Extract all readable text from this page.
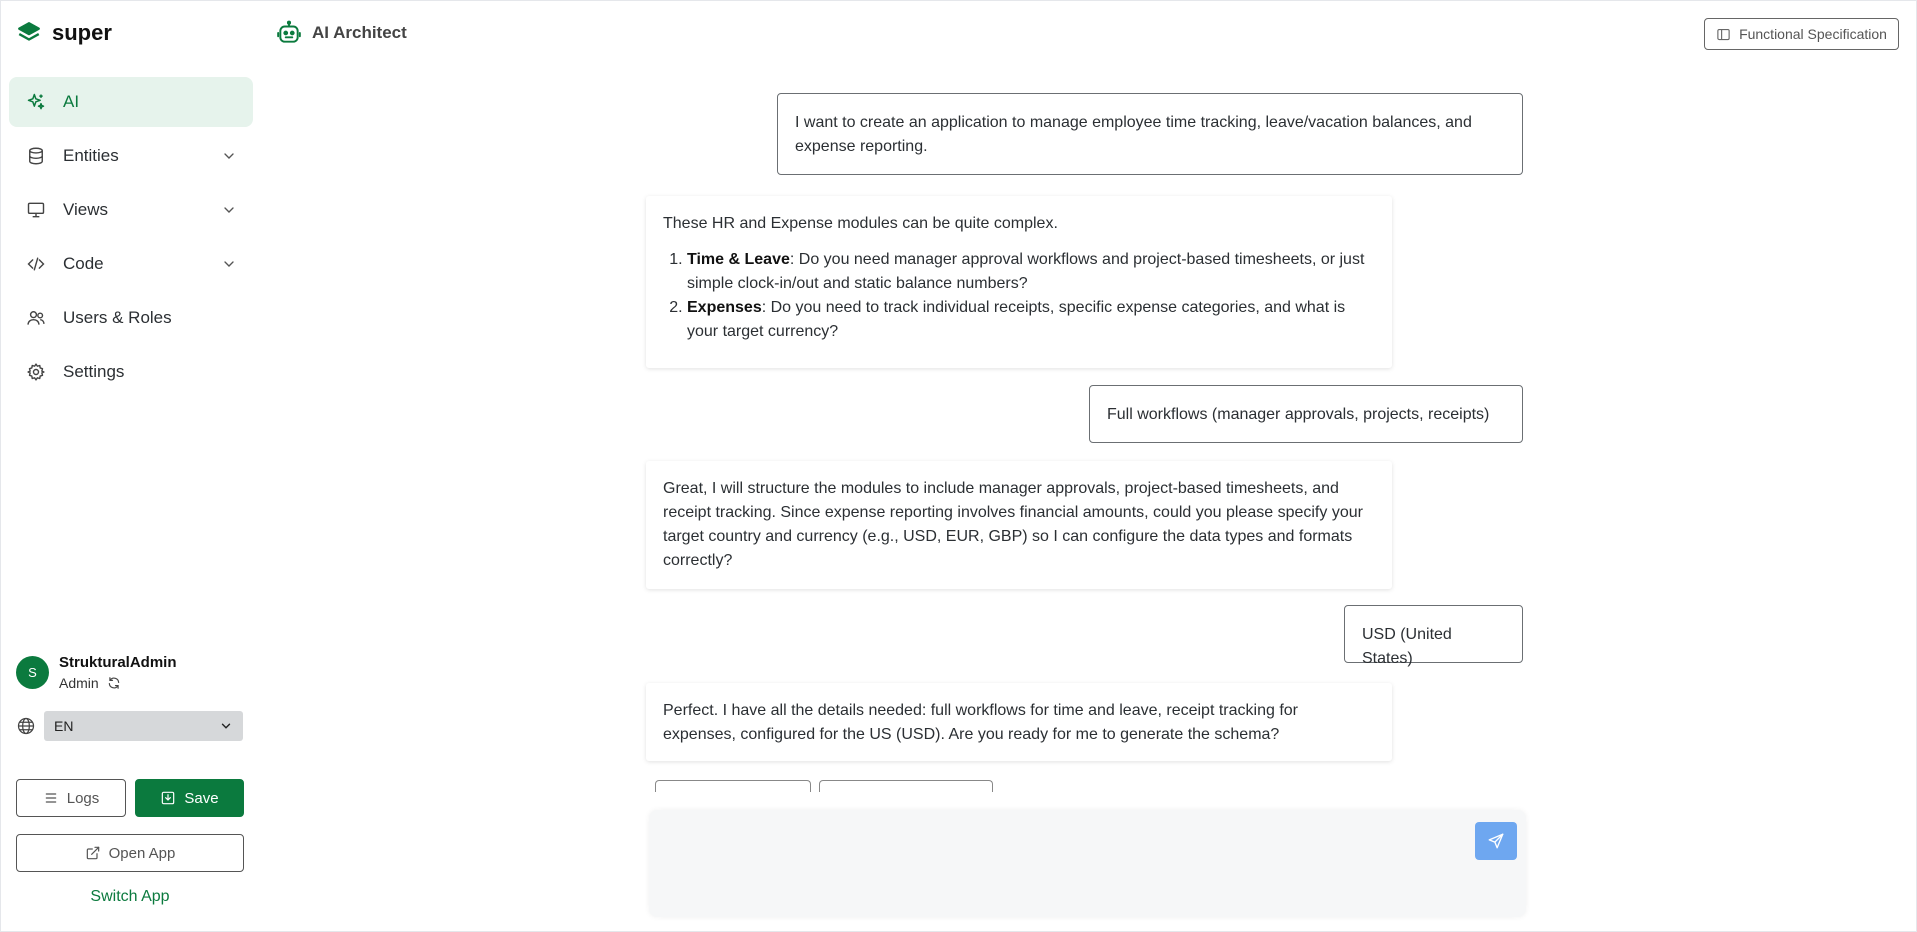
super
AI
Entities
Views
Code
Users & Roles
Settings
S
StrukturalAdmin
Admin
EN
Logs	Save
Open App
Switch App
AI Architect	Functional Specification
I want to create an application to manage employee time tracking, leave/vacation balances, and expense reporting.
These HR and Expense modules can be quite complex.
1. Time & Leave: Do you need manager approval workflows and project-based timesheets, or just simple clock-in/out and static balance numbers?
2. Expenses: Do you need to track individual receipts, specific expense categories, and what is your target currency?
Full workflows (manager approvals, projects, receipts)
Great, I will structure the modules to include manager approvals, project-based timesheets, and receipt tracking. Since expense reporting involves financial amounts, could you please specify your target country and currency (e.g., USD, EUR, GBP) so I can configure the data types and formats correctly?
USD (United States)
Perfect. I have all the details needed: full workflows for time and leave, receipt tracking for expenses, configured for the US (USD). Are you ready for me to generate the schema?
